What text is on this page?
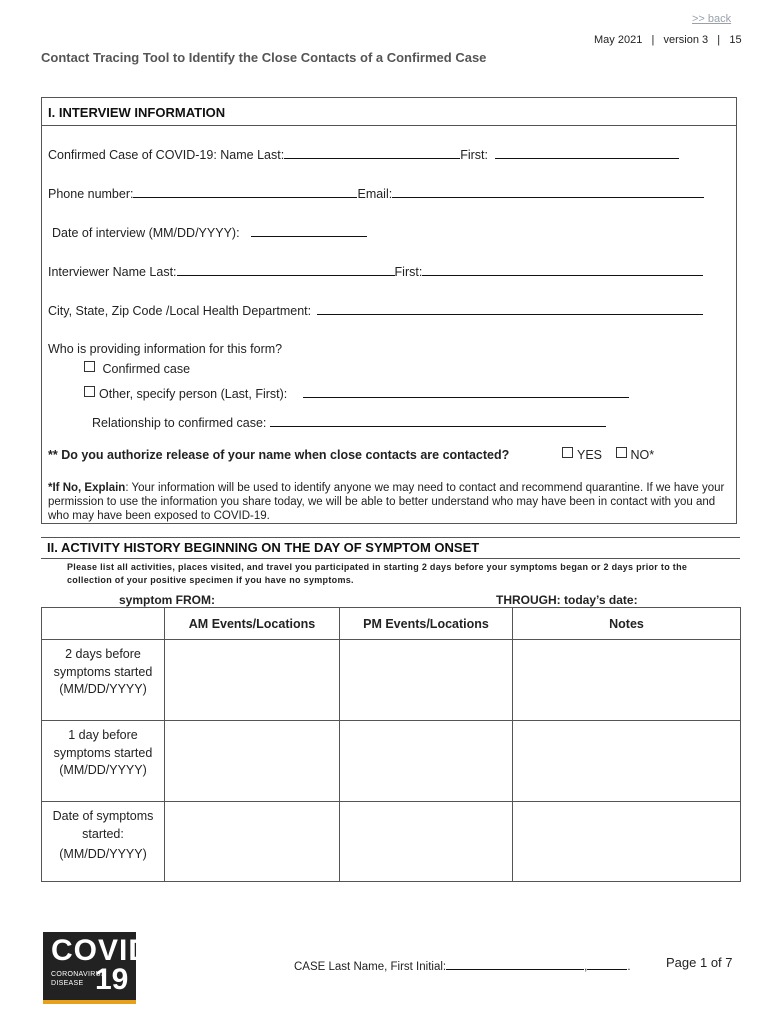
>> back
May 2021   |   version 3   |   15
Contact Tracing Tool to Identify the Close Contacts of a Confirmed Case
I. INTERVIEW INFORMATION
Confirmed Case of COVID-19: Name Last:	First:
Phone number:	Email:
Date of interview (MM/DD/YYYY):
Interviewer Name Last:	First:
City, State, Zip Code /Local Health Department:
Who is providing information for this form?
Confirmed case
Other, specify person (Last, First):
Relationship to confirmed case:
** Do you authorize release of your name when close contacts are contacted?	YES NO*
*If No, Explain: Your information will be used to identify anyone we may need to contact and recommend quarantine. If we have your permission to use the information you share today, we will be able to better understand who may have been in contact with you and who may have been exposed to COVID-19.
II. ACTIVITY HISTORY BEGINNING ON THE DAY OF SYMPTOM ONSET
Please list all activities, places visited, and travel you participated in starting 2 days before your symptoms began or 2 days prior to the collection of your positive specimen if you have no symptoms.
symptom FROM:	THROUGH: today’s date:
	AM Events/Locations	PM Events/Locations	Notes

2 days before
symptoms started
(MM/DD/YYYY)			

1 day before
symptoms started
(MM/DD/YYYY)			

Date of symptoms
started:
(MM/DD/YYYY)			

COVID
CORONAVIRUS
DISEASE 19	CASE Last Name, First Initial:	,	.	Page 1 of 7
